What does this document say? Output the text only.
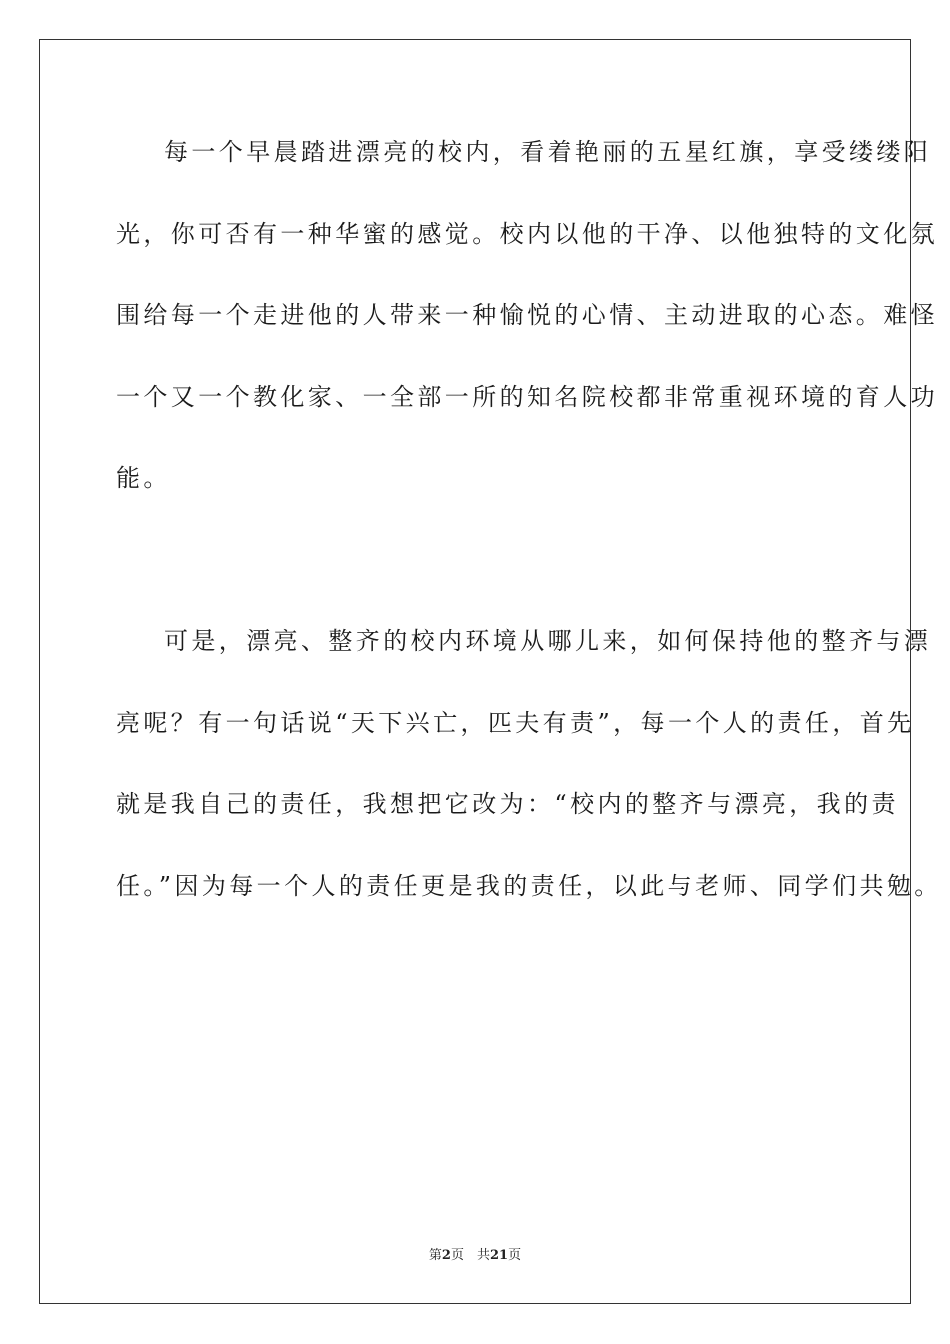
每一个早晨踏进漂亮的校内，看着艳丽的五星红旗，享受缕缕阳
光，你可否有一种华蜜的感觉。校内以他的干净、以他独特的文化氛
围给每一个走进他的人带来一种愉悦的心情、主动进取的心态。难怪
一个又一个教化家、一全部一所的知名院校都非常重视环境的育人功
能。
可是，漂亮、整齐的校内环境从哪儿来，如何保持他的整齐与漂
亮呢？有一句话说“天下兴亡，匹夫有责”，每一个人的责任，首先
就是我自己的责任，我想把它改为：“校内的整齐与漂亮，我的责
任。”因为每一个人的责任更是我的责任，以此与老师、同学们共勉。
第2页　共21页
